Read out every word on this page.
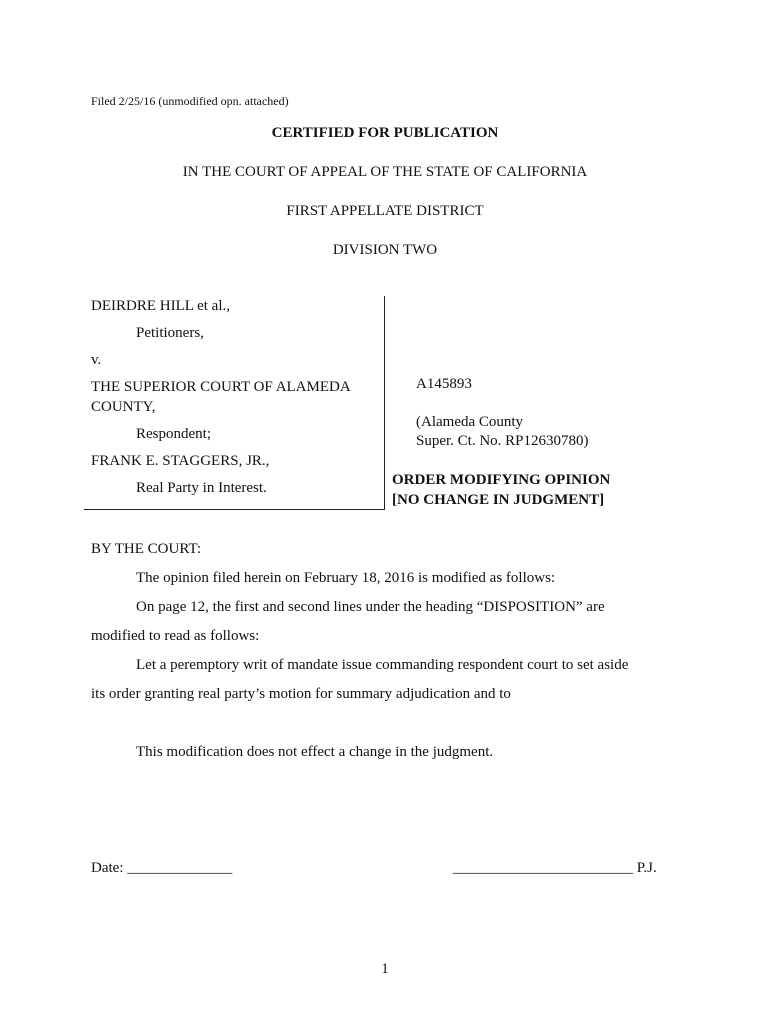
Filed 2/25/16 (unmodified opn. attached)
CERTIFIED FOR PUBLICATION
IN THE COURT OF APPEAL OF THE STATE OF CALIFORNIA
FIRST APPELLATE DISTRICT
DIVISION TWO
DEIRDRE HILL et al.,
Petitioners,
v.
THE SUPERIOR COURT OF ALAMEDA
COUNTY,
Respondent;
FRANK E. STAGGERS, JR.,
Real Party in Interest.
A145893
(Alameda County
Super. Ct. No. RP12630780)
ORDER MODIFYING OPINION
[NO CHANGE IN JUDGMENT]
BY THE COURT:
The opinion filed herein on February 18, 2016 is modified as follows:
On page 12, the first and second lines under the heading “DISPOSITION” are
modified to read as follows:
Let a peremptory writ of mandate issue commanding respondent court to set aside
its order granting real party’s motion for summary adjudication and to
This modification does not effect a change in the judgment.
Date: ______________	________________________ P.J.
1
